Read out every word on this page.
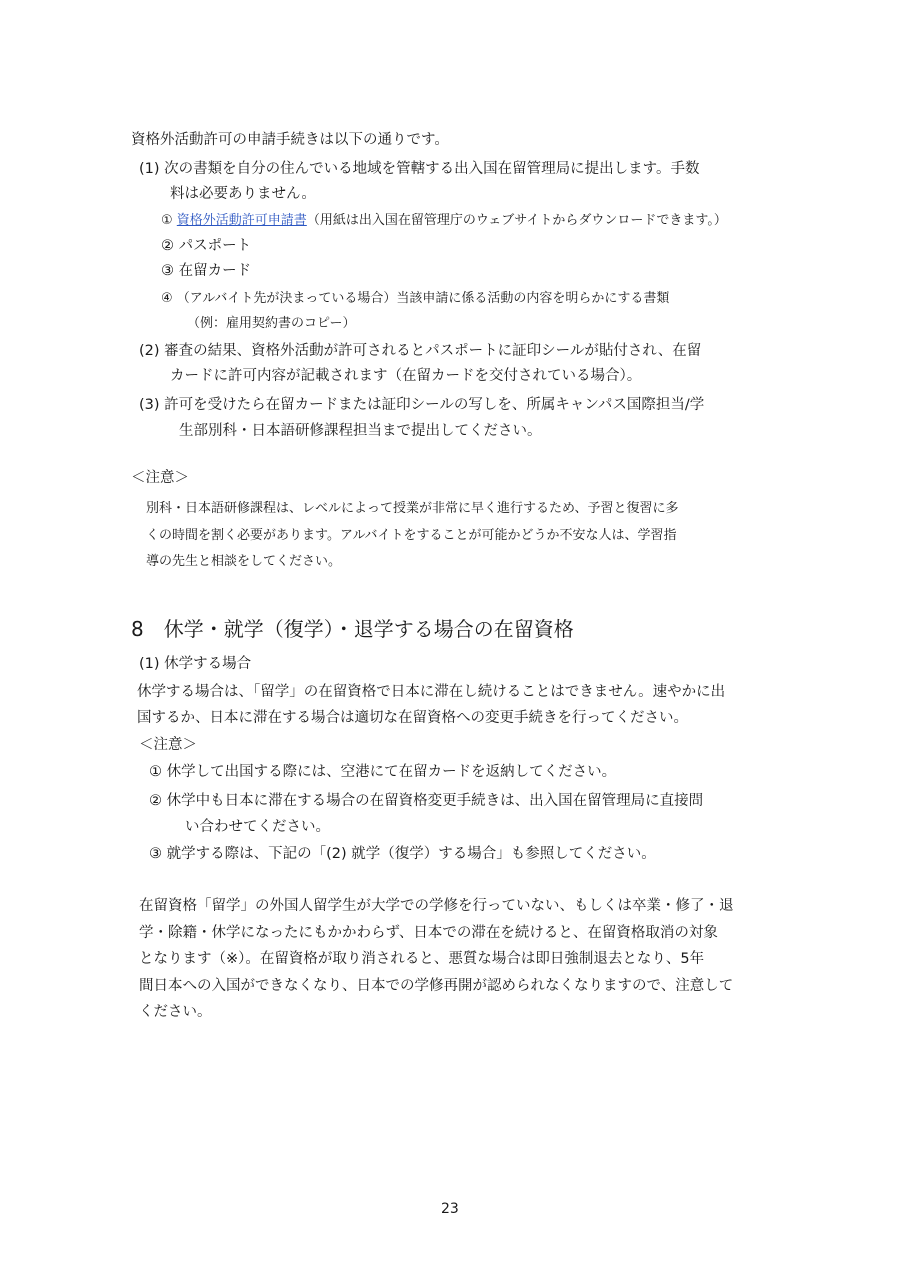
資格外活動許可の申請手続きは以下の通りです。
(1) 次の書類を自分の住んでいる地域を管轄する出入国在留管理局に提出します。手数
料は必要ありません。
① 資格外活動許可申請書（用紙は出入国在留管理庁のウェブサイトからダウンロードできます。）
② パスポート
③ 在留カード
④ （アルバイト先が決まっている場合）当該申請に係る活動の内容を明らかにする書類
（例：雇用契約書のコピー）
(2) 審査の結果、資格外活動が許可されるとパスポートに証印シールが貼付され、在留
カードに許可内容が記載されます（在留カードを交付されている場合）。
(3) 許可を受けたら在留カードまたは証印シールの写しを、所属キャンパス国際担当/学
生部別科・日本語研修課程担当まで提出してください。
＜注意＞
別科・日本語研修課程は、レベルによって授業が非常に早く進行するため、予習と復習に多
くの時間を割く必要があります。アルバイトをすることが可能かどうか不安な人は、学習指
導の先生と相談をしてください。
8　休学・就学（復学）・退学する場合の在留資格
(1) 休学する場合
休学する場合は、「留学」の在留資格で日本に滞在し続けることはできません。速やかに出
国するか、日本に滞在する場合は適切な在留資格への変更手続きを行ってください。
＜注意＞
① 休学して出国する際には、空港にて在留カードを返納してください。
② 休学中も日本に滞在する場合の在留資格変更手続きは、出入国在留管理局に直接問
い合わせてください。
③ 就学する際は、下記の「(2) 就学（復学）する場合」も参照してください。
在留資格「留学」の外国人留学生が大学での学修を行っていない、もしくは卒業・修了・退
学・除籍・休学になったにもかかわらず、日本での滞在を続けると、在留資格取消の対象
となります（※）。在留資格が取り消されると、悪質な場合は即日強制退去となり、5年
間日本への入国ができなくなり、日本での学修再開が認められなくなりますので、注意して
ください。
23
